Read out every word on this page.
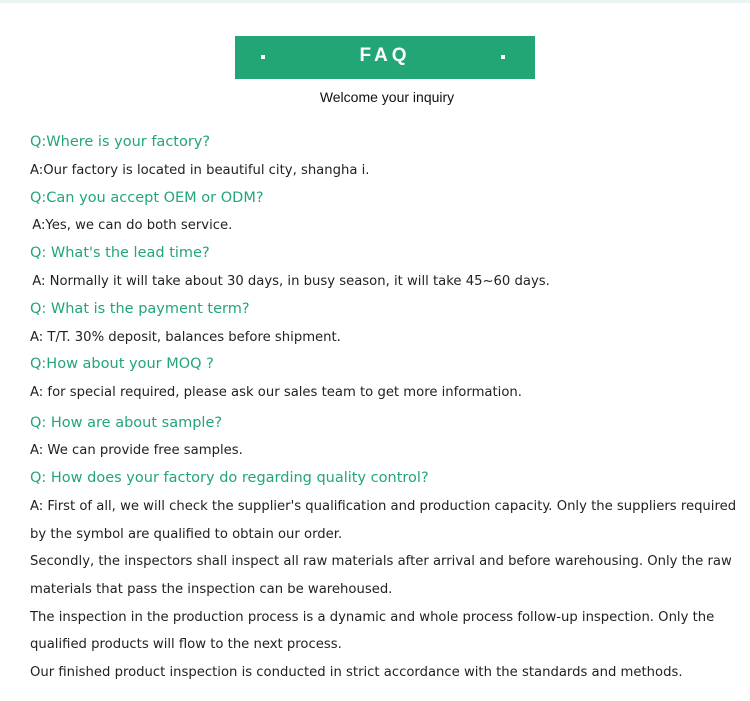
FAQ
Welcome your inquiry
Q:Where is your factory?
A:Our factory is located in beautiful city, shangha i.
Q:Can you accept OEM or ODM?
A:Yes, we can do both service.
Q: What's the lead time?
A: Normally it will take about 30 days, in busy season, it will take 45~60 days.
Q: What is the payment term?
A: T/T. 30% deposit, balances before shipment.
Q:How about your MOQ ?
A: for special required, please ask our sales team to get more information.
Q: How are about sample?
A: We can provide free samples.
Q: How does your factory do regarding quality control?
A: First of all, we will check the supplier's qualification and production capacity. Only the suppliers required
by the symbol are qualified to obtain our order.
Secondly, the inspectors shall inspect all raw materials after arrival and before warehousing. Only the raw
materials that pass the inspection can be warehoused.
The inspection in the production process is a dynamic and whole process follow-up inspection. Only the
qualified products will flow to the next process.
Our finished product inspection is conducted in strict accordance with the standards and methods.
